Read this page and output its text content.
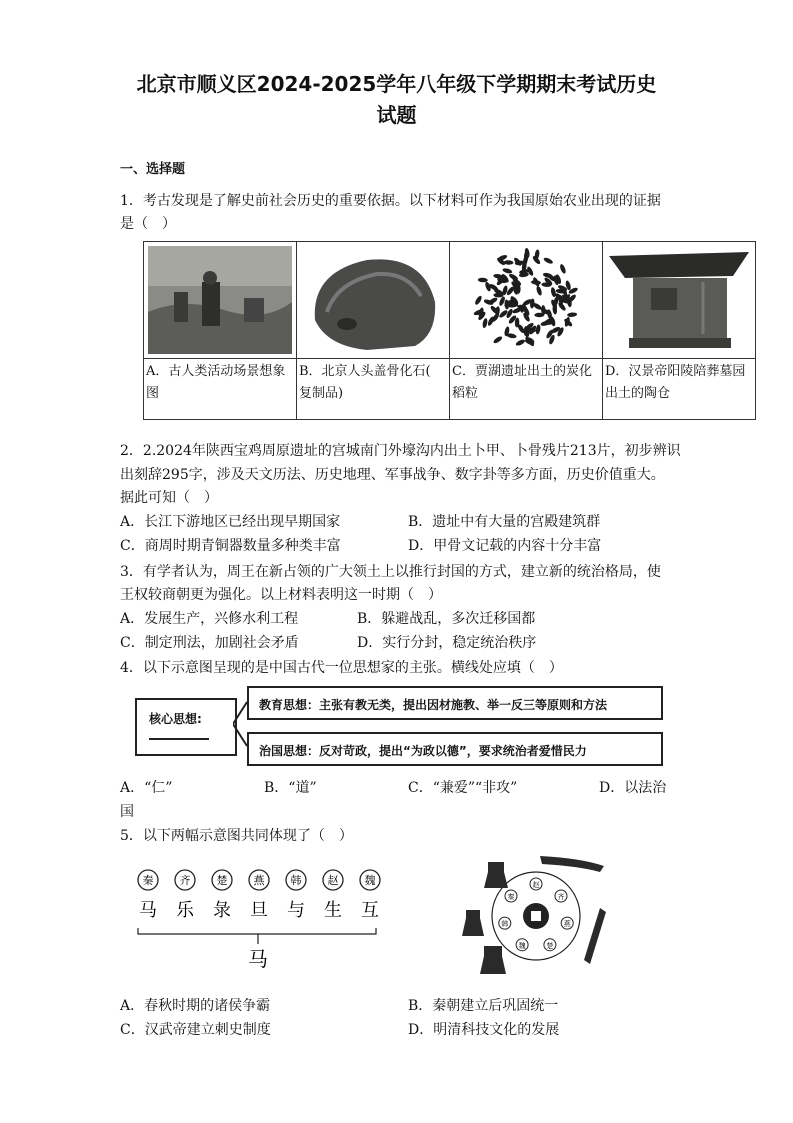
北京市顺义区2024-2025学年八年级下学期期末考试历史
试题
一、选择题
1．考古发现是了解史前社会历史的重要依据。以下材料可作为我国原始农业出现的证据
是（　）
A．古人类活动场景想象
图

B．北京人头盖骨化石(
复制品)

C．贾湖遗址出土的炭化
稻粒

D．汉景帝阳陵陪葬墓园
出土的陶仓
2．2.2024年陕西宝鸡周原遗址的宫城南门外壕沟内出土卜甲、卜骨残片213片，初步辨识
出刻辞295字，涉及天文历法、历史地理、军事战争、数字卦等多方面，历史价值重大。
据此可知（　）
A．长江下游地区已经出现早期国家	B．遗址中有大量的宫殿建筑群
C．商周时期青铜器数量多种类丰富	D．甲骨文记载的内容十分丰富
3．有学者认为，周王在新占领的广大领土上以推行封国的方式，建立新的统治格局，使
王权较商朝更为强化。以上材料表明这一时期（　）
A．发展生产，兴修水利工程	B．躲避战乱，多次迁移国都
C．制定刑法，加剧社会矛盾	D．实行分封，稳定统治秩序
4．以下示意图呈现的是中国古代一位思想家的主张。横线处应填（　）
核心思想:
教育思想：主张有教无类，提出因材施教、举一反三等原则和方法
治国思想：反对苛政，提出“为政以德”，要求统治者爱惜民力
A．“仁”	B．“道”	C．“兼爱”“非攻”	D．以法治
国
5．以下两幅示意图共同体现了（　）
秦
马
齐
乐
楚
彔
燕
旦
韩
与
赵
生
魏
互
马
赵
齐
燕
楚
魏
韩
秦
A．春秋时期的诸侯争霸	B．秦朝建立后巩固统一
C．汉武帝建立刺史制度	D．明清科技文化的发展
